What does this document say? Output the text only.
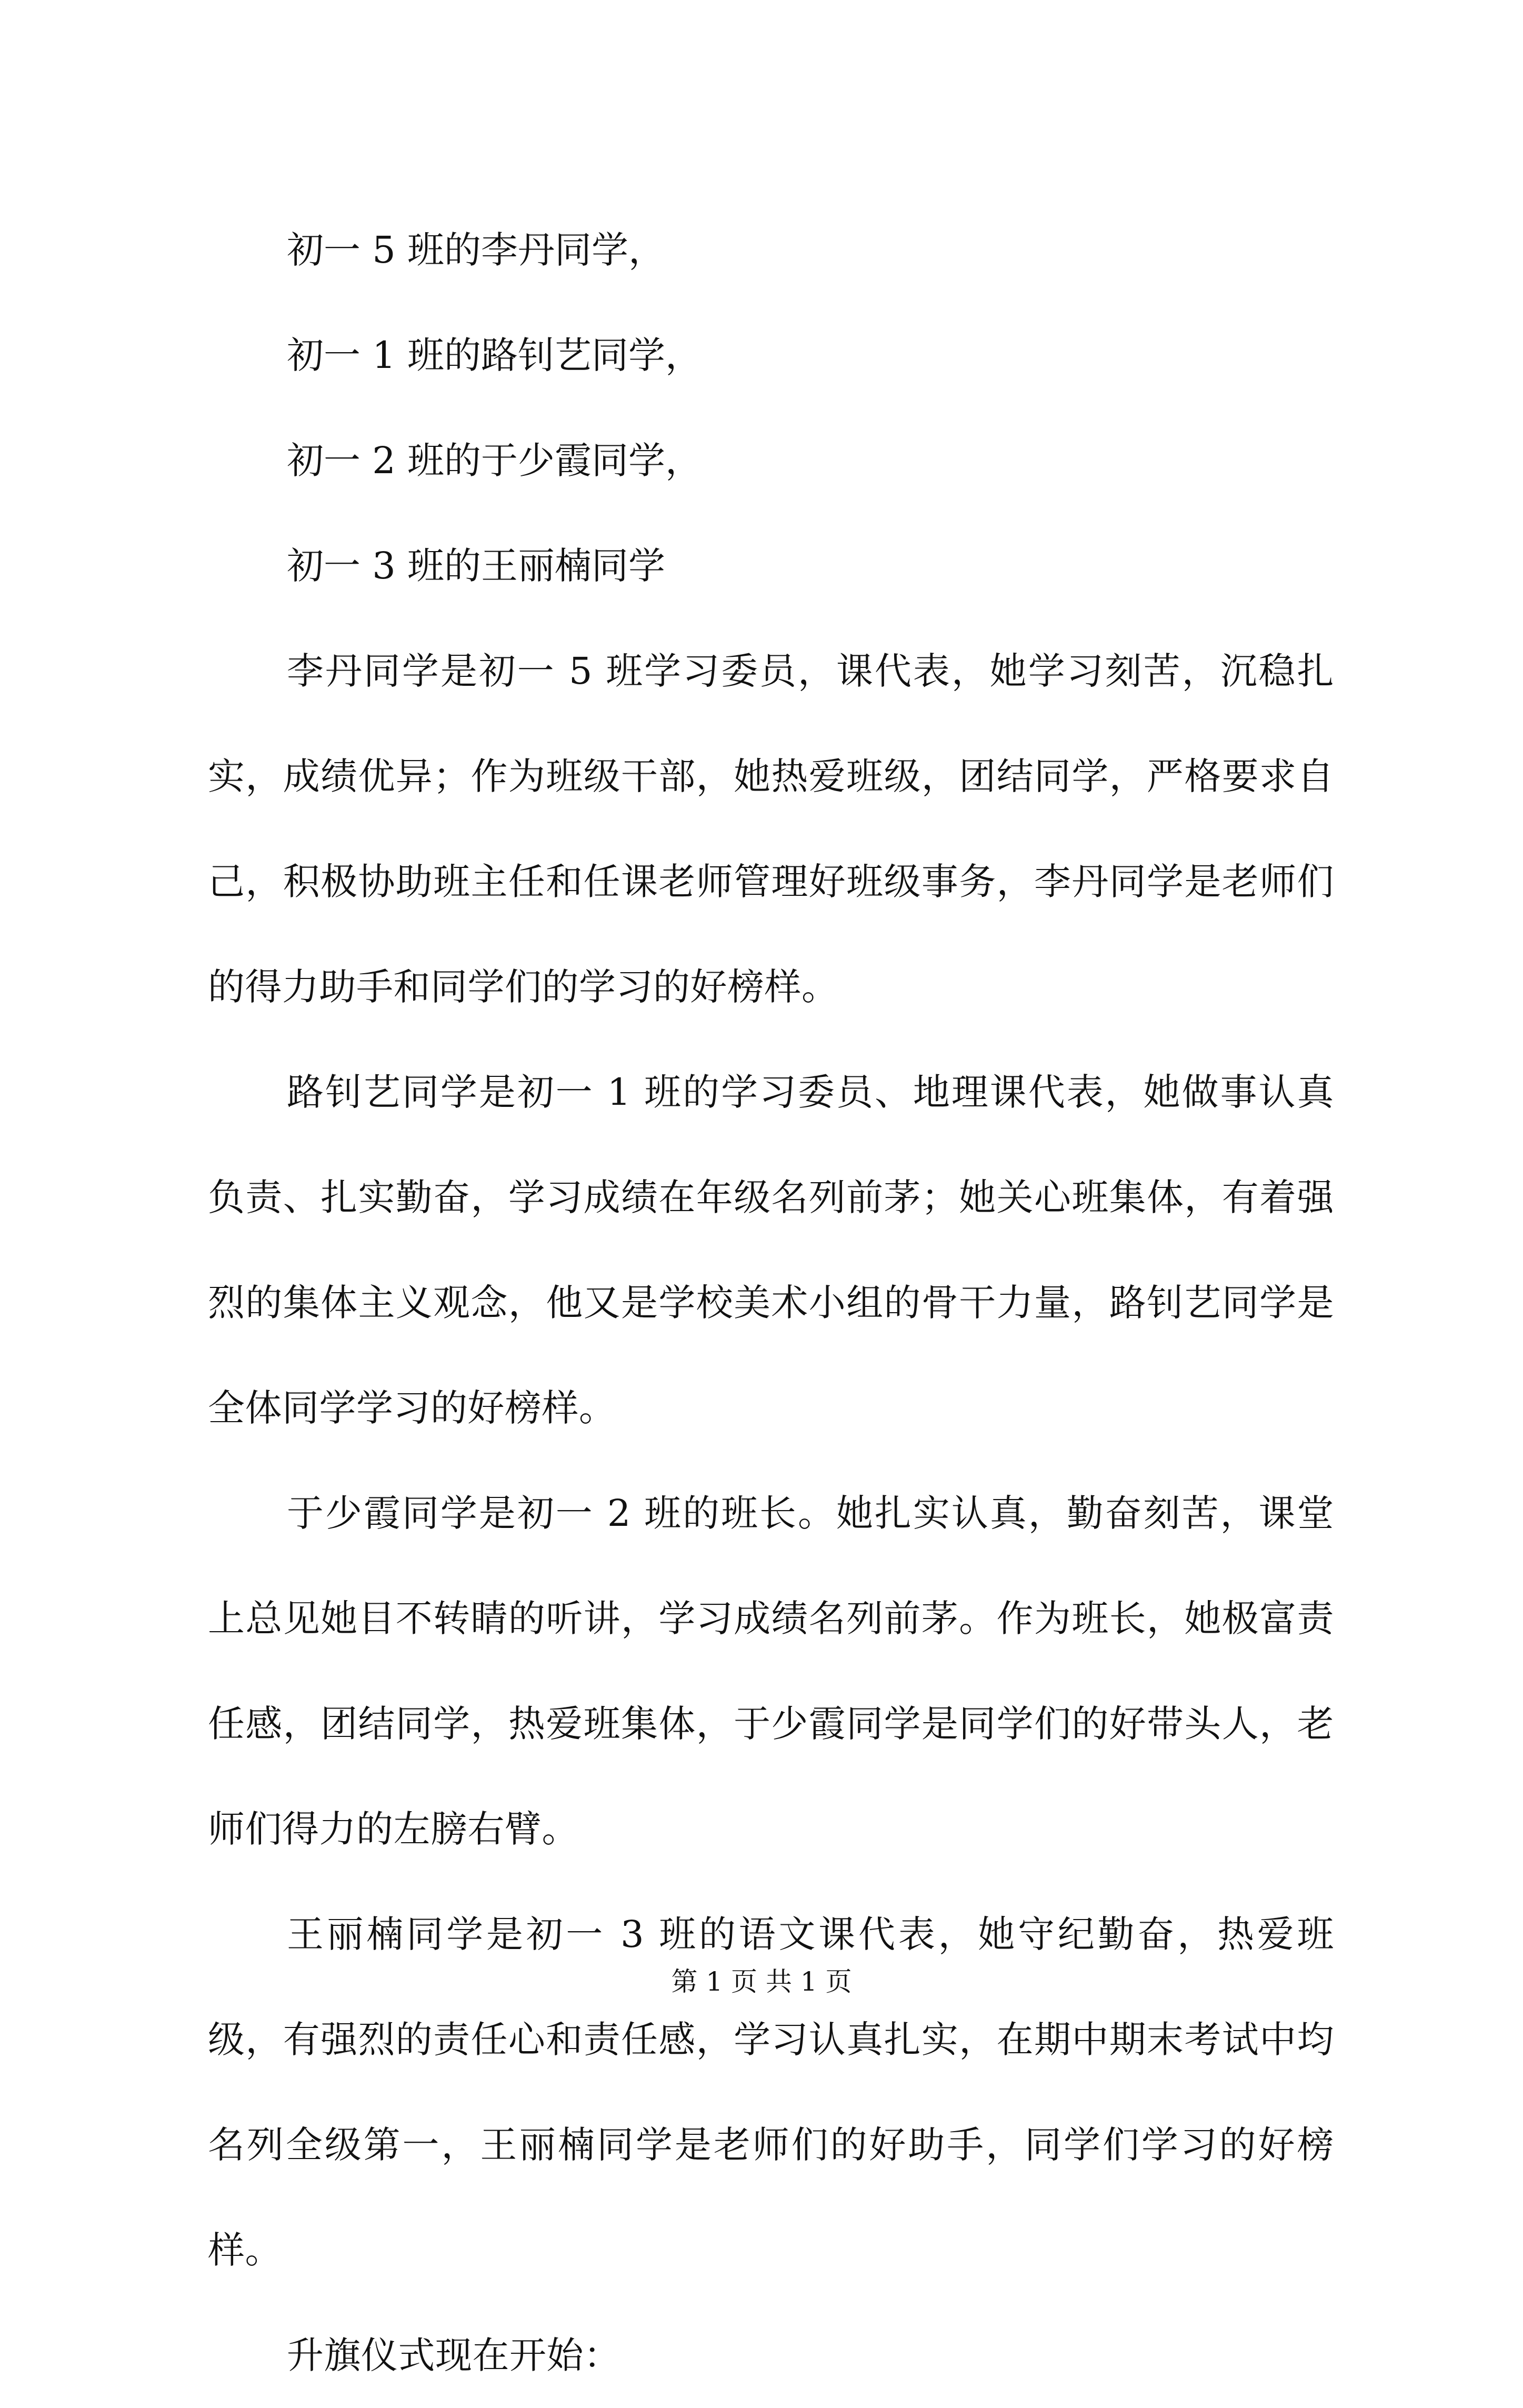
初一 5 班的李丹同学，

初一 1 班的路钊艺同学，

初一 2 班的于少霞同学，

初一 3 班的王丽楠同学

李丹同学是初一 5 班学习委员，课代表，她学习刻苦，沉稳扎实，成绩优异；作为班级干部，她热爱班级，团结同学，严格要求自己，积极协助班主任和任课老师管理好班级事务，李丹同学是老师们的得力助手和同学们的学习的好榜样。

路钊艺同学是初一 1 班的学习委员、地理课代表，她做事认真负责、扎实勤奋，学习成绩在年级名列前茅；她关心班集体，有着强烈的集体主义观念，他又是学校美术小组的骨干力量，路钊艺同学是全体同学学习的好榜样。

于少霞同学是初一 2 班的班长。她扎实认真，勤奋刻苦，课堂上总见她目不转睛的听讲，学习成绩名列前茅。作为班长，她极富责任感，团结同学，热爱班集体，于少霞同学是同学们的好带头人，老师们得力的左膀右臂。

王丽楠同学是初一 3 班的语文课代表，她守纪勤奋，热爱班级，有强烈的责任心和责任感，学习认真扎实，在期中期末考试中均名列全级第一，王丽楠同学是老师们的好助手，同学们学习的好榜样。

升旗仪式现在开始：

第 1 页 共 1 页
